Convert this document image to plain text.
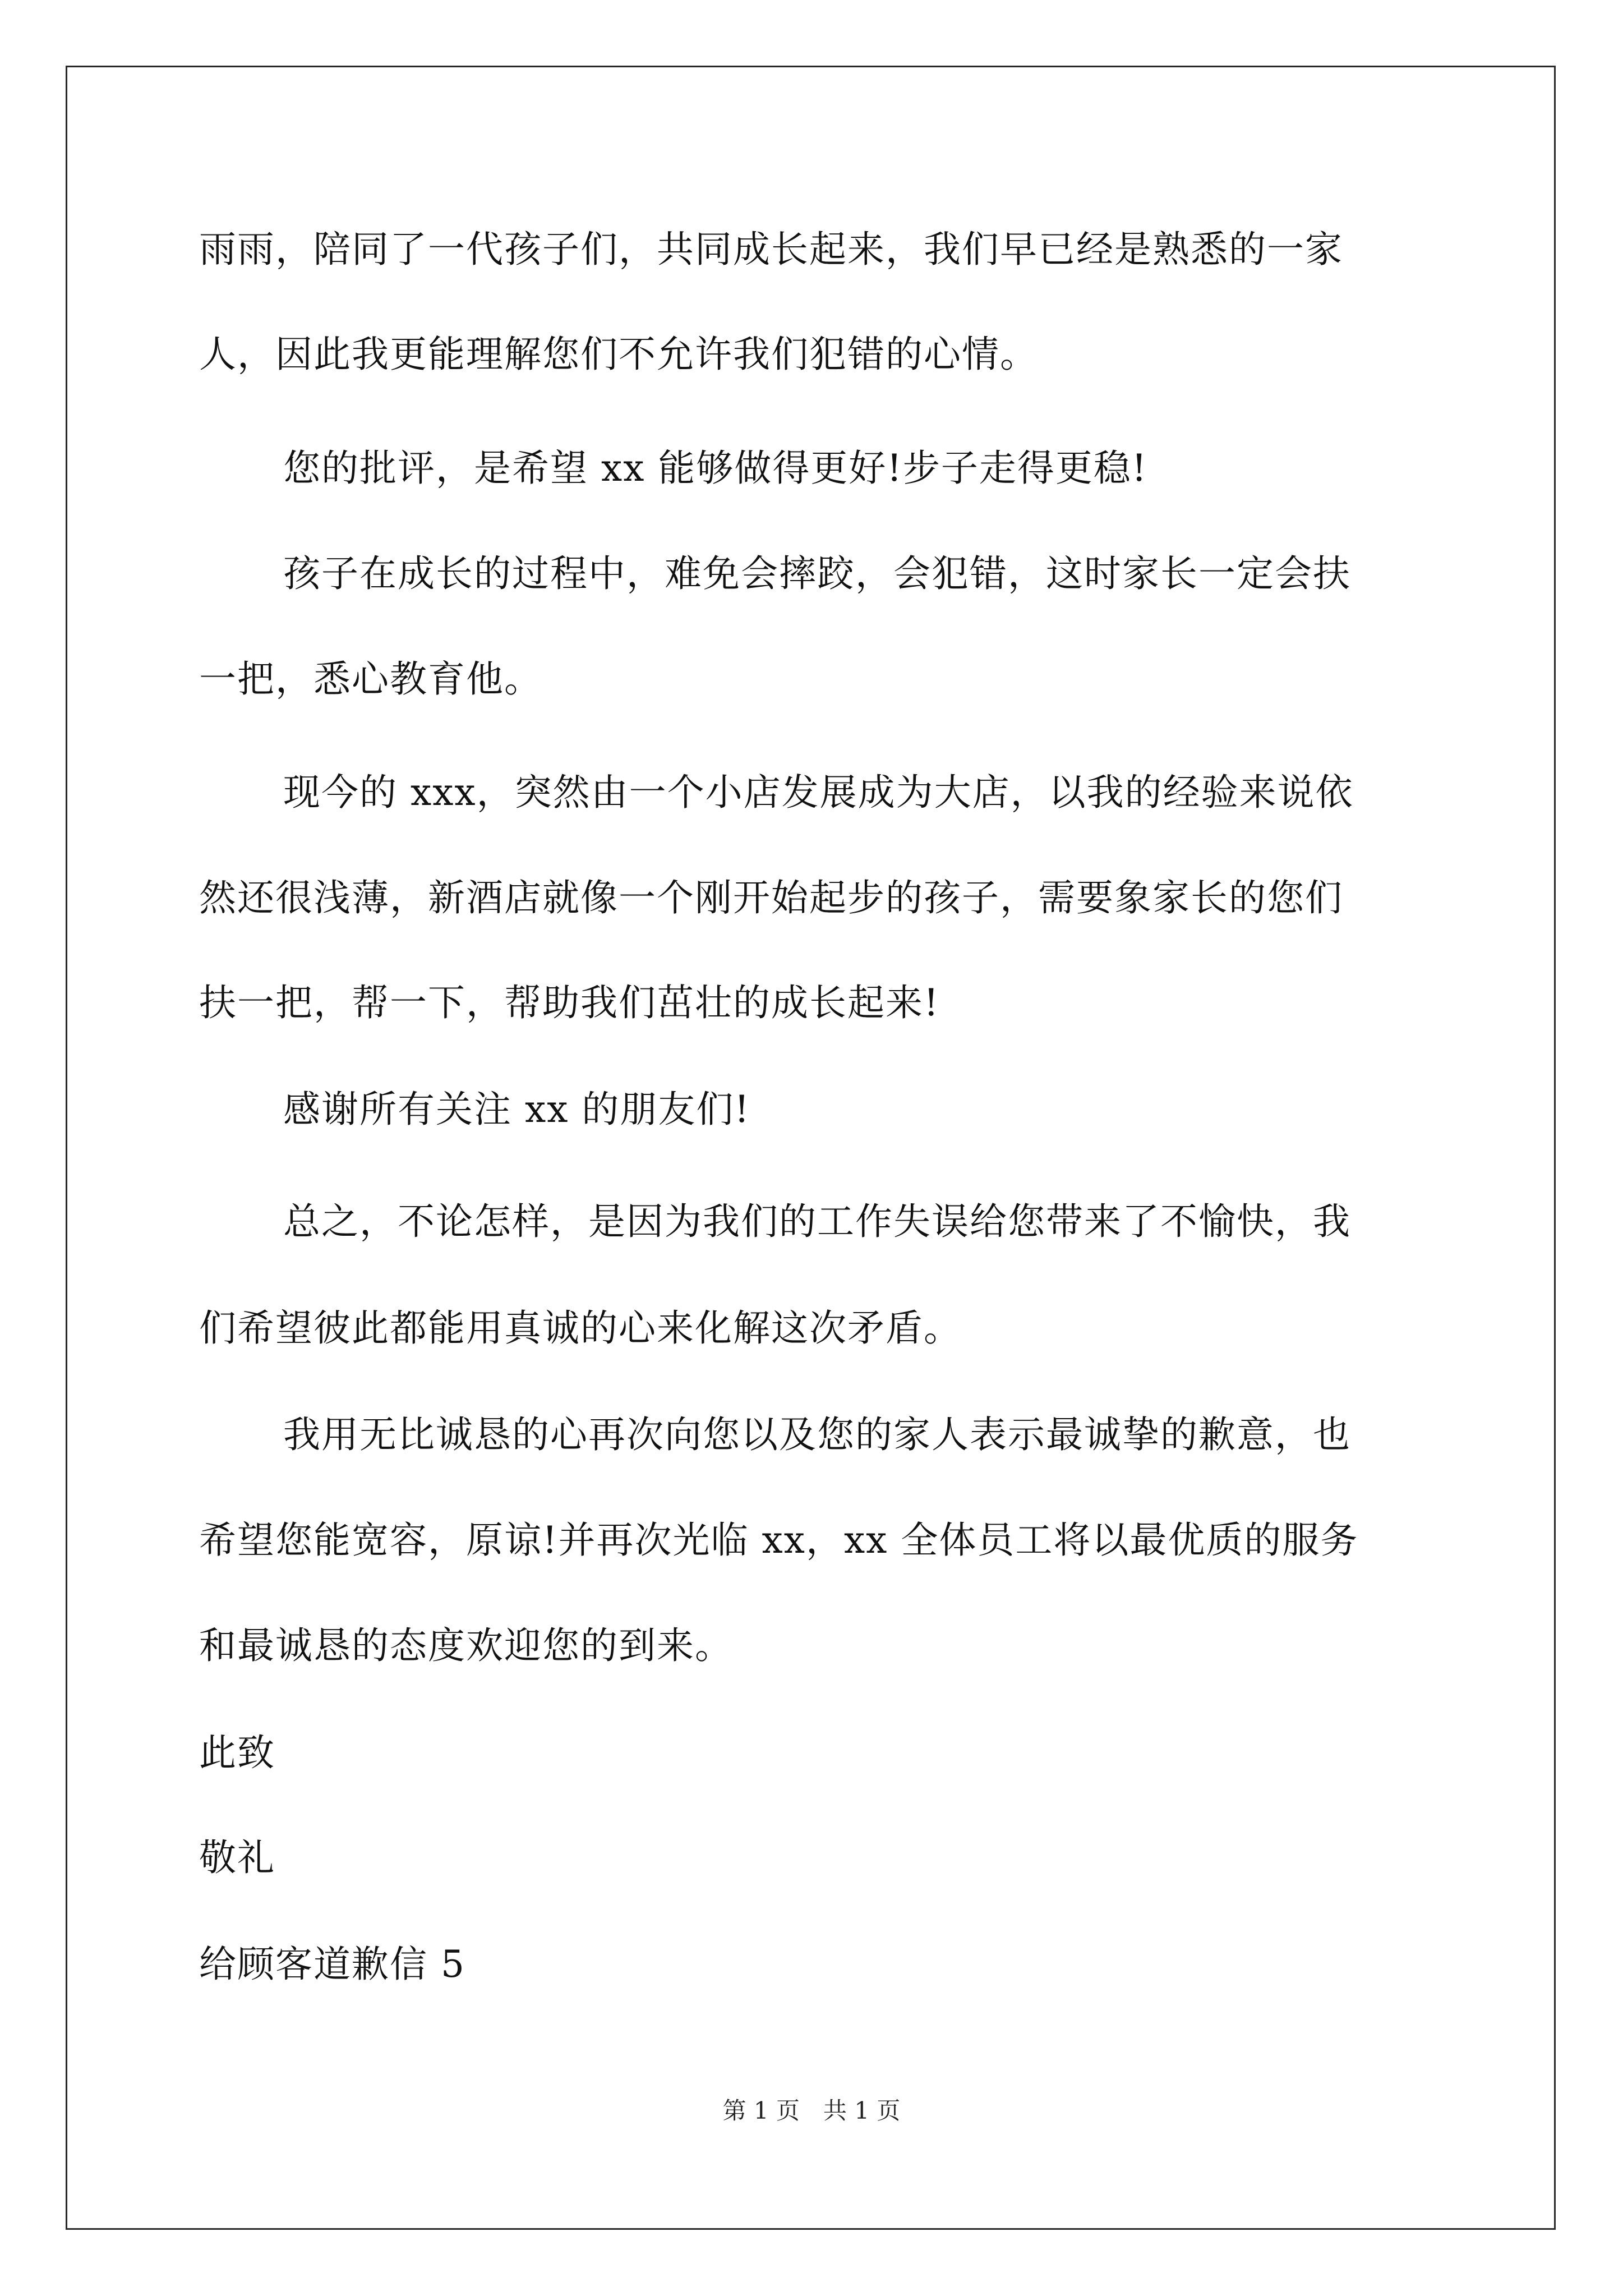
雨雨，陪同了一代孩子们，共同成长起来，我们早已经是熟悉的一家
人，因此我更能理解您们不允许我们犯错的心情。
您的批评，是希望 xx 能够做得更好!步子走得更稳!
孩子在成长的过程中，难免会摔跤，会犯错，这时家长一定会扶
一把，悉心教育他。
现今的 xxx，突然由一个小店发展成为大店，以我的经验来说依
然还很浅薄，新酒店就像一个刚开始起步的孩子，需要象家长的您们
扶一把，帮一下，帮助我们茁壮的成长起来!
感谢所有关注 xx 的朋友们!
总之，不论怎样，是因为我们的工作失误给您带来了不愉快，我
们希望彼此都能用真诚的心来化解这次矛盾。
我用无比诚恳的心再次向您以及您的家人表示最诚挚的歉意，也
希望您能宽容，原谅!并再次光临 xx，xx 全体员工将以最优质的服务
和最诚恳的态度欢迎您的到来。
此致
敬礼
给顾客道歉信 5
第 1 页　共 1 页
